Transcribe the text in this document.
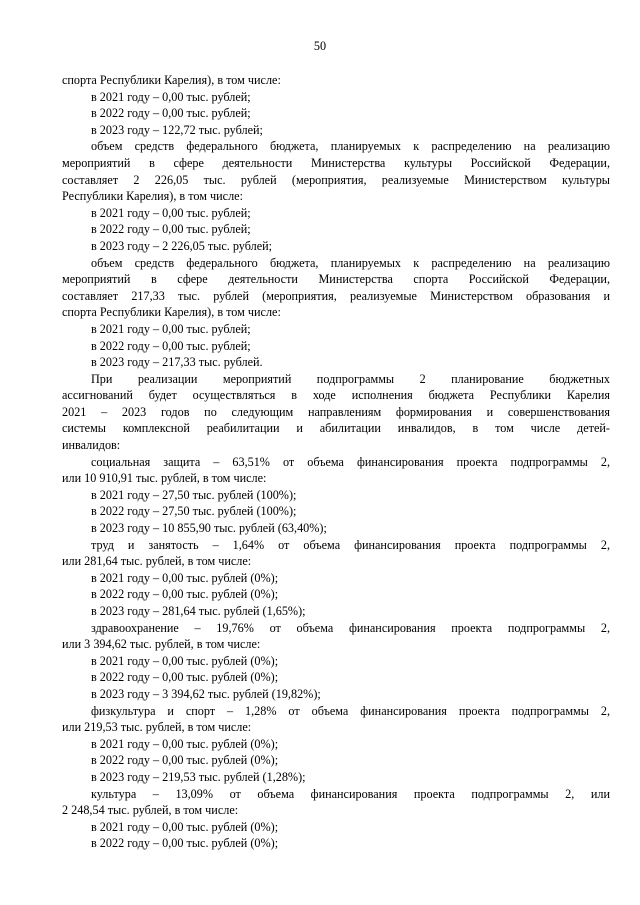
50
спорта Республики Карелия), в том числе:
в 2021 году – 0,00 тыс. рублей;
в 2022 году – 0,00 тыс. рублей;
в 2023 году – 122,72 тыс. рублей;
объем средств федерального бюджета, планируемых к распределению на реализацию
мероприятий в сфере деятельности Министерства культуры Российской Федерации,
составляет 2 226,05 тыс. рублей (мероприятия, реализуемые Министерством культуры
Республики Карелия), в том числе:
в 2021 году – 0,00 тыс. рублей;
в 2022 году – 0,00 тыс. рублей;
в 2023 году – 2 226,05 тыс. рублей;
объем средств федерального бюджета, планируемых к распределению на реализацию
мероприятий в сфере деятельности Министерства спорта Российской Федерации,
составляет 217,33 тыс. рублей (мероприятия, реализуемые Министерством образования и
спорта Республики Карелия), в том числе:
в 2021 году – 0,00 тыс. рублей;
в 2022 году – 0,00 тыс. рублей;
в 2023 году – 217,33 тыс. рублей.
При реализации мероприятий подпрограммы 2 планирование бюджетных
ассигнований будет осуществляться в ходе исполнения бюджета Республики Карелия
2021 – 2023 годов по следующим направлениям формирования и совершенствования
системы комплексной реабилитации и абилитации инвалидов, в том числе детей-
инвалидов:
социальная защита – 63,51% от объема финансирования проекта подпрограммы 2,
или 10 910,91 тыс. рублей, в том числе:
в 2021 году – 27,50 тыс. рублей (100%);
в 2022 году – 27,50 тыс. рублей (100%);
в 2023 году – 10 855,90 тыс. рублей (63,40%);
труд и занятость – 1,64% от объема финансирования проекта подпрограммы 2,
или 281,64 тыс. рублей, в том числе:
в 2021 году – 0,00 тыс. рублей (0%);
в 2022 году – 0,00 тыс. рублей (0%);
в 2023 году – 281,64 тыс. рублей (1,65%);
здравоохранение – 19,76% от объема финансирования проекта подпрограммы 2,
или 3 394,62 тыс. рублей, в том числе:
в 2021 году – 0,00 тыс. рублей (0%);
в 2022 году – 0,00 тыс. рублей (0%);
в 2023 году – 3 394,62 тыс. рублей (19,82%);
физкультура и спорт – 1,28% от объема финансирования проекта подпрограммы 2,
или 219,53 тыс. рублей, в том числе:
в 2021 году – 0,00 тыс. рублей (0%);
в 2022 году – 0,00 тыс. рублей (0%);
в 2023 году – 219,53 тыс. рублей (1,28%);
культура – 13,09% от объема финансирования проекта подпрограммы 2, или
2 248,54 тыс. рублей, в том числе:
в 2021 году – 0,00 тыс. рублей (0%);
в 2022 году – 0,00 тыс. рублей (0%);
